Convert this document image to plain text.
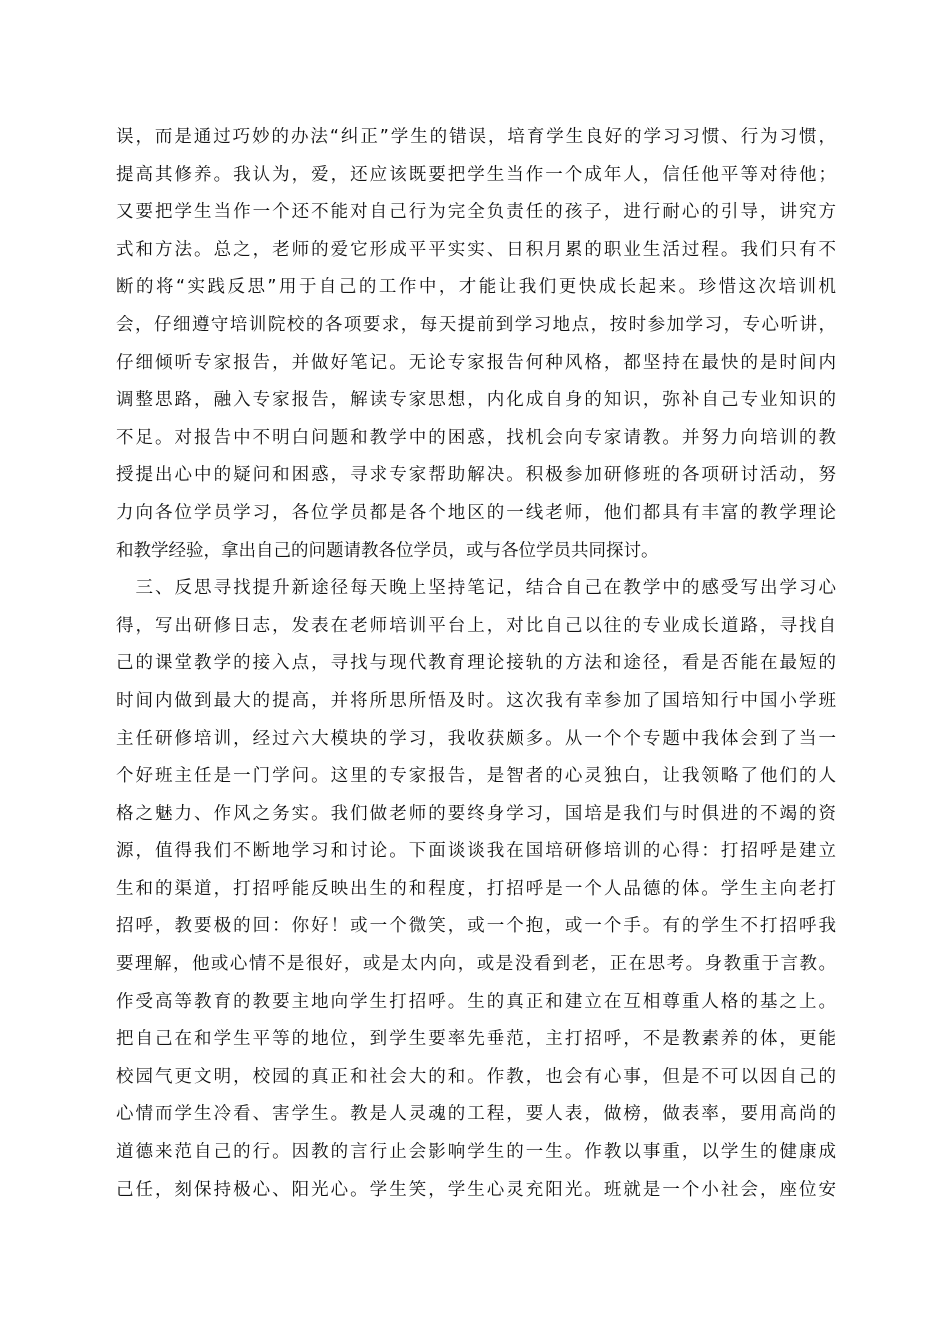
误，而是通过巧妙的办法“纠正”学生的错误，培育学生良好的学习习惯、行为习惯，
提高其修养。我认为，爱，还应该既要把学生当作一个成年人，信任他平等对待他；
又要把学生当作一个还不能对自己行为完全负责任的孩子，进行耐心的引导，讲究方
式和方法。总之，老师的爱它形成平平实实、日积月累的职业生活过程。我们只有不
断的将“实践反思”用于自己的工作中，才能让我们更快成长起来。珍惜这次培训机
会，仔细遵守培训院校的各项要求，每天提前到学习地点，按时参加学习，专心听讲，
仔细倾听专家报告，并做好笔记。无论专家报告何种风格，都坚持在最快的是时间内
调整思路，融入专家报告，解读专家思想，内化成自身的知识，弥补自己专业知识的
不足。对报告中不明白问题和教学中的困惑，找机会向专家请教。并努力向培训的教
授提出心中的疑问和困惑，寻求专家帮助解决。积极参加研修班的各项研讨活动，努
力向各位学员学习，各位学员都是各个地区的一线老师，他们都具有丰富的教学理论
和教学经验，拿出自己的问题请教各位学员，或与各位学员共同探讨。
　三、反思寻找提升新途径每天晚上坚持笔记，结合自己在教学中的感受写出学习心
得，写出研修日志，发表在老师培训平台上，对比自己以往的专业成长道路，寻找自
己的课堂教学的接入点，寻找与现代教育理论接轨的方法和途径，看是否能在最短的
时间内做到最大的提高，并将所思所悟及时。这次我有幸参加了国培知行中国小学班
主任研修培训，经过六大模块的学习，我收获颇多。从一个个专题中我体会到了当一
个好班主任是一门学问。这里的专家报告，是智者的心灵独白，让我领略了他们的人
格之魅力、作风之务实。我们做老师的要终身学习，国培是我们与时俱进的不竭的资
源，值得我们不断地学习和讨论。下面谈谈我在国培研修培训的心得：打招呼是建立
生和的渠道，打招呼能反映出生的和程度，打招呼是一个人品德的体。学生主向老打
招呼，教要极的回：你好！或一个微笑，或一个抱，或一个手。有的学生不打招呼我
要理解，他或心情不是很好，或是太内向，或是没看到老，正在思考。身教重于言教。
作受高等教育的教要主地向学生打招呼。生的真正和建立在互相尊重人格的基之上。
把自己在和学生平等的地位，到学生要率先垂范，主打招呼，不是教素养的体，更能
校园气更文明，校园的真正和社会大的和。作教，也会有心事，但是不可以因自己的
心情而学生冷看、害学生。教是人灵魂的工程，要人表，做榜，做表率，要用高尚的
道德来范自己的行。因教的言行止会影响学生的一生。作教以事重，以学生的健康成
己任，刻保持极心、阳光心。学生笑，学生心灵充阳光。班就是一个小社会，座位安
